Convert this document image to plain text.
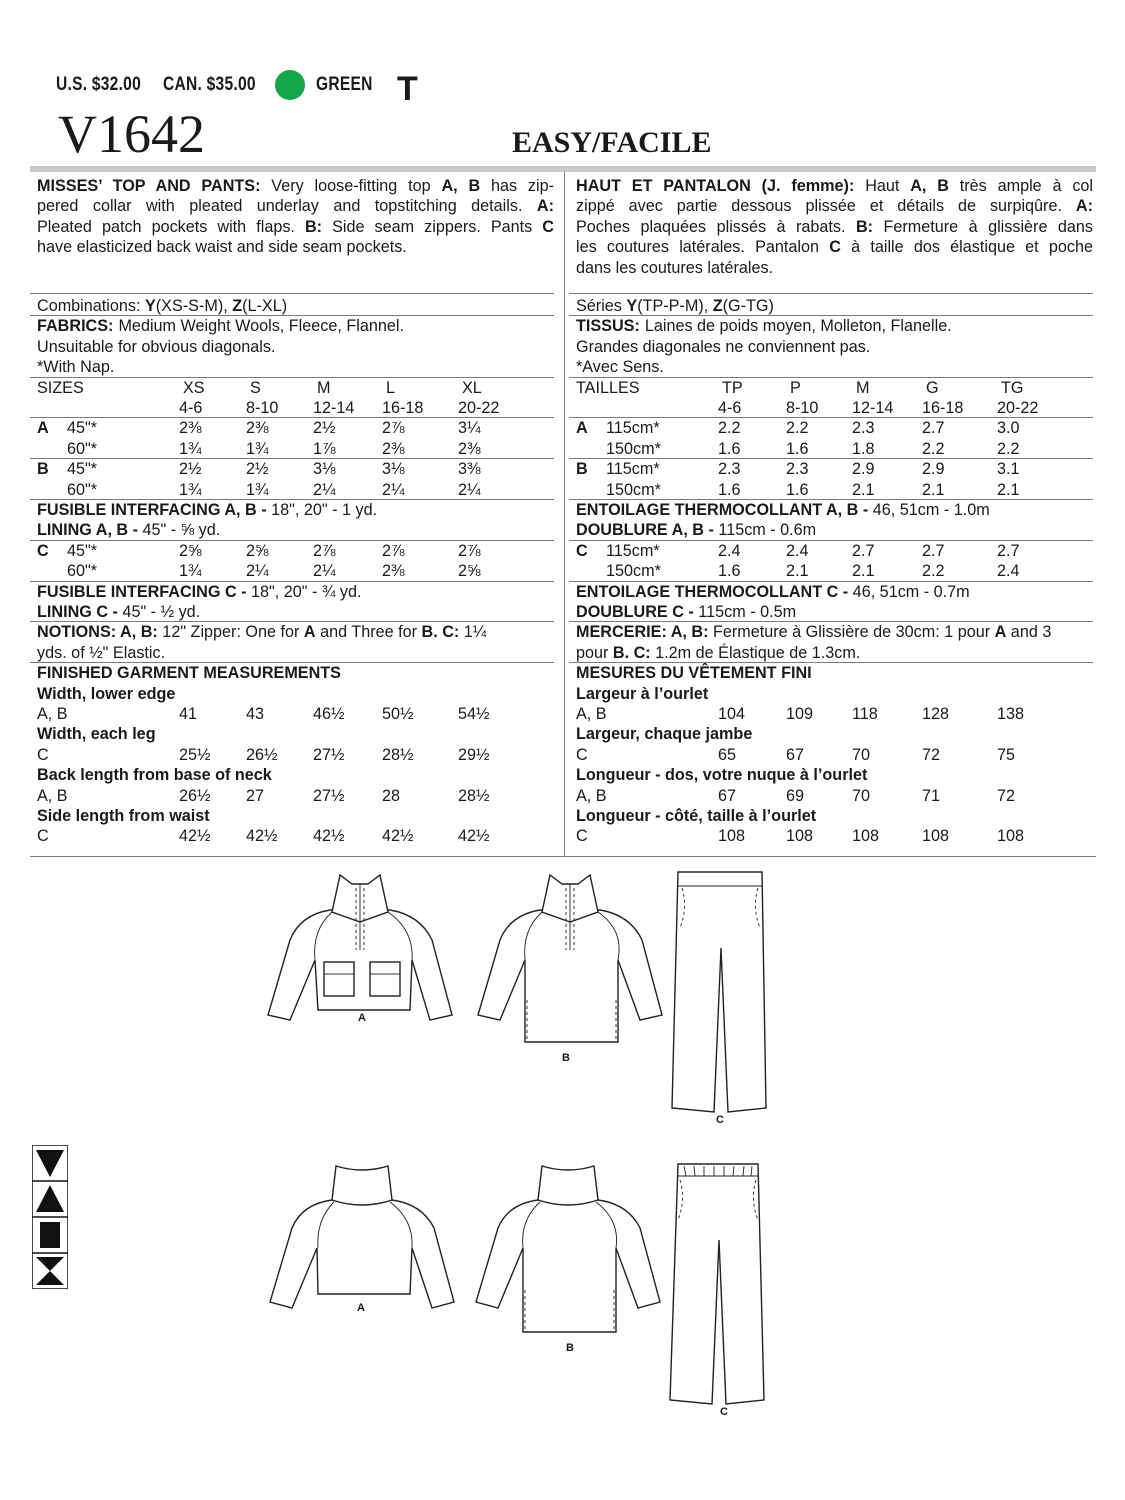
U.S. $32.00 CAN. $35.00	GREEN T
V1642	EASY/FACILE
MISSES’ TOP AND PANTS: Very loose-fitting top A, B has zip-
pered collar with pleated underlay and topstitching details. A:
Pleated patch pockets with flaps. B: Side seam zippers. Pants C
have elasticized back waist and side seam pockets.
Combinations: Y(XS-S-M), Z(L-XL)
FABRICS: Medium Weight Wools, Fleece, Flannel.
Unsuitable for obvious diagonals.
*With Nap.
SIZES	XS	S	M	L	XL
4-6	8-10 12-14 16-18 20-22
A 45"*	2⅜	2⅜	2½	2⅞	3¼
60"*	1¾	1¾	1⅞	2⅜	2⅜
B 45"*	2½	2½	3⅛	3⅛	3⅜
60"*	1¾	1¾	2¼	2¼	2¼
FUSIBLE INTERFACING A, B - 18", 20" - 1 yd.
LINING A, B - 45" - ⅝ yd.
C 45"*	2⅝	2⅝	2⅞	2⅞	2⅞
60"*	1¾	2¼	2¼	2⅜	2⅝
FUSIBLE INTERFACING C - 18", 20" - ¾ yd.
LINING C - 45" - ½ yd.
NOTIONS: A, B: 12" Zipper: One for A and Three for B. C: 1¼
yds. of ½" Elastic.
FINISHED GARMENT MEASUREMENTS
Width, lower edge
A, B	41	43	46½ 50½	54½
Width, each leg
C	25½ 26½ 27½ 28½	29½
Back length from base of neck
A, B	26½ 27	27½ 28	28½
Side length from waist
C	42½ 42½ 42½ 42½	42½
HAUT ET PANTALON (J. femme): Haut A, B très ample à col
zippé avec partie dessous plissée et détails de surpiqûre. A:
Poches plaquées plissés à rabats. B: Fermeture à glissière dans
les coutures latérales. Pantalon C à taille dos élastique et poche
dans les coutures latérales.
Séries Y(TP-P-M), Z(G-TG)
TISSUS: Laines de poids moyen, Molleton, Flanelle.
Grandes diagonales ne conviennent pas.
*Avec Sens.
TAILLES	TP	P	M	G	TG
4-6	8-10 12-14 16-18 20-22
A 115cm*	2.2	2.2	2.3	2.7	3.0
150cm*	1.6	1.6	1.8	2.2	2.2
B 115cm*	2.3	2.3	2.9	2.9	3.1
150cm*	1.6	1.6	2.1	2.1	2.1
ENTOILAGE THERMOCOLLANT A, B - 46, 51cm - 1.0m
DOUBLURE A, B - 115cm - 0.6m
C 115cm*	2.4	2.4	2.7	2.7	2.7
150cm*	1.6	2.1	2.1	2.2	2.4
ENTOILAGE THERMOCOLLANT C - 46, 51cm - 0.7m
DOUBLURE C - 115cm - 0.5m
MERCERIE: A, B: Fermeture à Glissière de 30cm: 1 pour A and 3
pour B. C: 1.2m de Élastique de 1.3cm.
MESURES DU VÊTEMENT FINI
Largeur à l’ourlet
A, B	104	109 118	128	138
Largeur, chaque jambe
C	65	67	70	72	75
Longueur - dos, votre nuque à l’ourlet
A, B	67	69	70	71	72
Longueur - côté, taille à l’ourlet
C	108	108 108	108	108
A
B
C
A
B
C
